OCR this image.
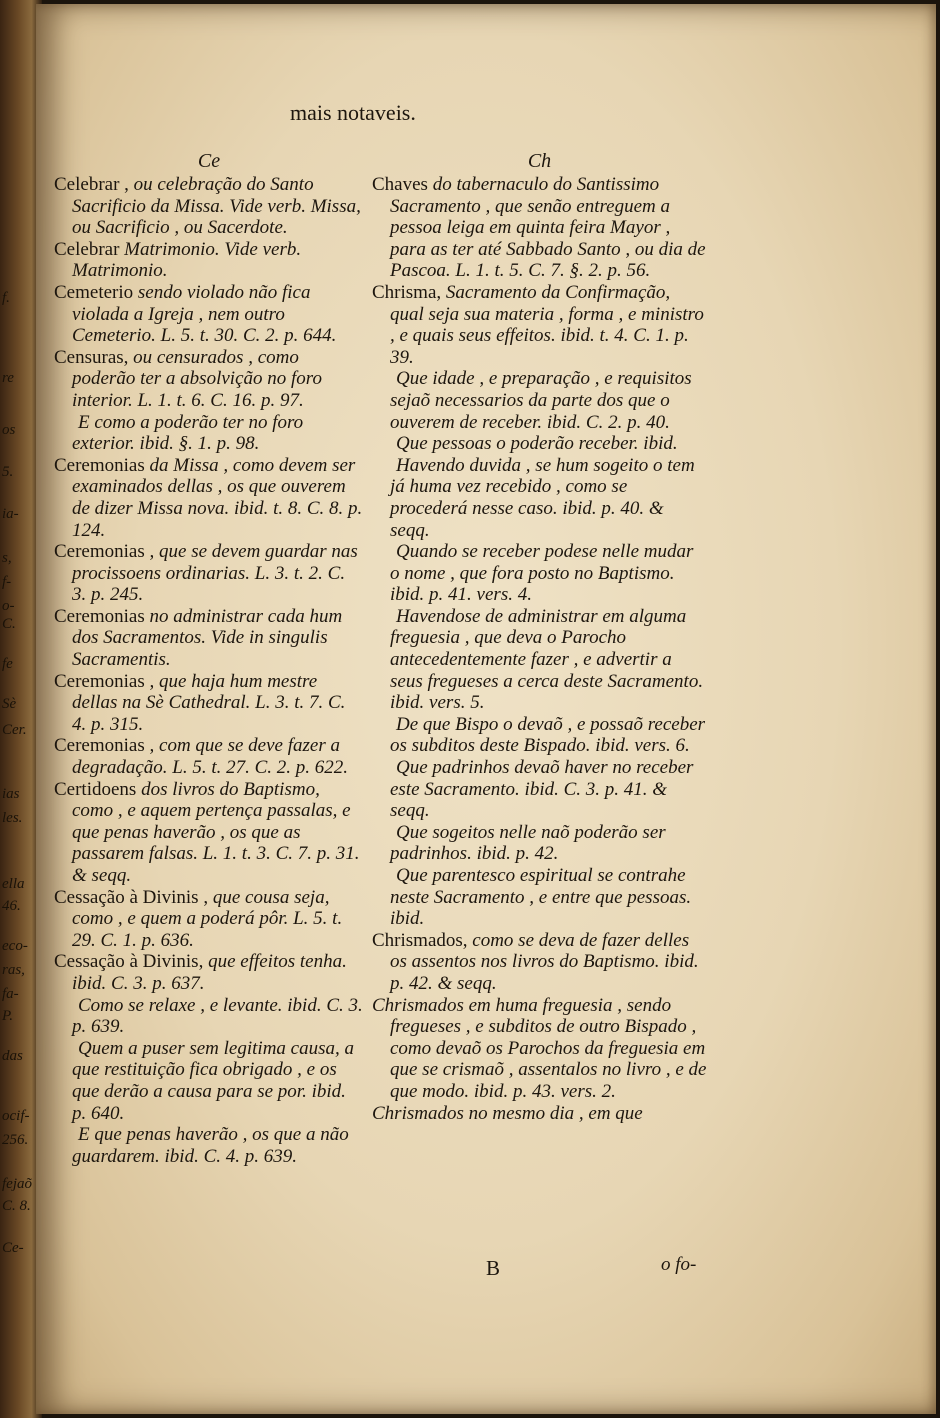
f.
re
os
5.
ia-
s,
f-
o-
C.
fe
Sè
Cer.
ias
les.
ella
46.
eco-
ras,
fa-
P.
das
ocif-
256.
fejaõ
C. 8.
Ce-
mais notaveis.
Ce

Celebrar , ou celebração do Santo Sacrificio da Missa. Vide verb. Missa, ou Sacrificio , ou Sacerdote.

Celebrar Matrimonio. Vide verb. Matrimonio.

Cemeterio sendo violado não fica violada a Igreja , nem outro Cemeterio. L. 5. t. 30. C. 2. p. 644.

Censuras, ou censurados , como poderão ter a absolvição no foro interior. L. 1. t. 6. C. 16. p. 97.

E como a poderão ter no foro exterior. ibid. §. 1. p. 98.

Ceremonias da Missa , como devem ser examinados dellas , os que ouverem de dizer Missa nova. ibid. t. 8. C. 8. p. 124.

Ceremonias , que se devem guardar nas procissoens ordinarias. L. 3. t. 2. C. 3. p. 245.

Ceremonias no administrar cada hum dos Sacramentos. Vide in singulis Sacramentis.

Ceremonias , que haja hum mestre dellas na Sè Cathedral. L. 3. t. 7. C. 4. p. 315.

Ceremonias , com que se deve fazer a degradação. L. 5. t. 27. C. 2. p. 622.

Certidoens dos livros do Baptismo, como , e aquem pertença passalas, e que penas haverão , os que as passarem falsas. L. 1. t. 3. C. 7. p. 31. & seqq.

Cessação à Divinis , que cousa seja, como , e quem a poderá pôr. L. 5. t. 29. C. 1. p. 636.

Cessação à Divinis, que effeitos tenha. ibid. C. 3. p. 637.

Como se relaxe , e levante. ibid. C. 3. p. 639.

Quem a puser sem legitima causa, a que restituição fica obrigado , e os que derão a causa para se por. ibid. p. 640.

E que penas haverão , os que a não guardarem. ibid. C. 4. p. 639.

Ch

Chaves do tabernaculo do Santissimo Sacramento , que senão entreguem a pessoa leiga em quinta feira Mayor , para as ter até Sabbado Santo , ou dia de Pascoa. L. 1. t. 5. C. 7. §. 2. p. 56.

Chrisma, Sacramento da Confirmação, qual seja sua materia , forma , e ministro , e quais seus effeitos. ibid. t. 4. C. 1. p. 39.

Que idade , e preparação , e requisitos sejaõ necessarios da parte dos que o ouverem de receber. ibid. C. 2. p. 40.

Que pessoas o poderão receber. ibid.

Havendo duvida , se hum sogeito o tem já huma vez recebido , como se procederá nesse caso. ibid. p. 40. & seqq.

Quando se receber podese nelle mudar o nome , que fora posto no Baptismo. ibid. p. 41. vers. 4.

Havendose de administrar em alguma freguesia , que deva o Parocho antecedentemente fazer , e advertir a seus fregueses a cerca deste Sacramento. ibid. vers. 5.

De que Bispo o devaõ , e possaõ receber os subditos deste Bispado. ibid. vers. 6.

Que padrinhos devaõ haver no receber este Sacramento. ibid. C. 3. p. 41. & seqq.

Que sogeitos nelle naõ poderão ser padrinhos. ibid. p. 42.

Que parentesco espiritual se contrahe neste Sacramento , e entre que pessoas. ibid.

Chrismados, como se deva de fazer delles os assentos nos livros do Baptismo. ibid. p. 42. & seqq.

Chrismados em huma freguesia , sendo fregueses , e subditos de outro Bispado , como devaõ os Parochos da freguesia em que se crismaõ , assentalos no livro , e de que modo. ibid. p. 43. vers. 2.

Chrismados no mesmo dia , em que

B	o fo-
